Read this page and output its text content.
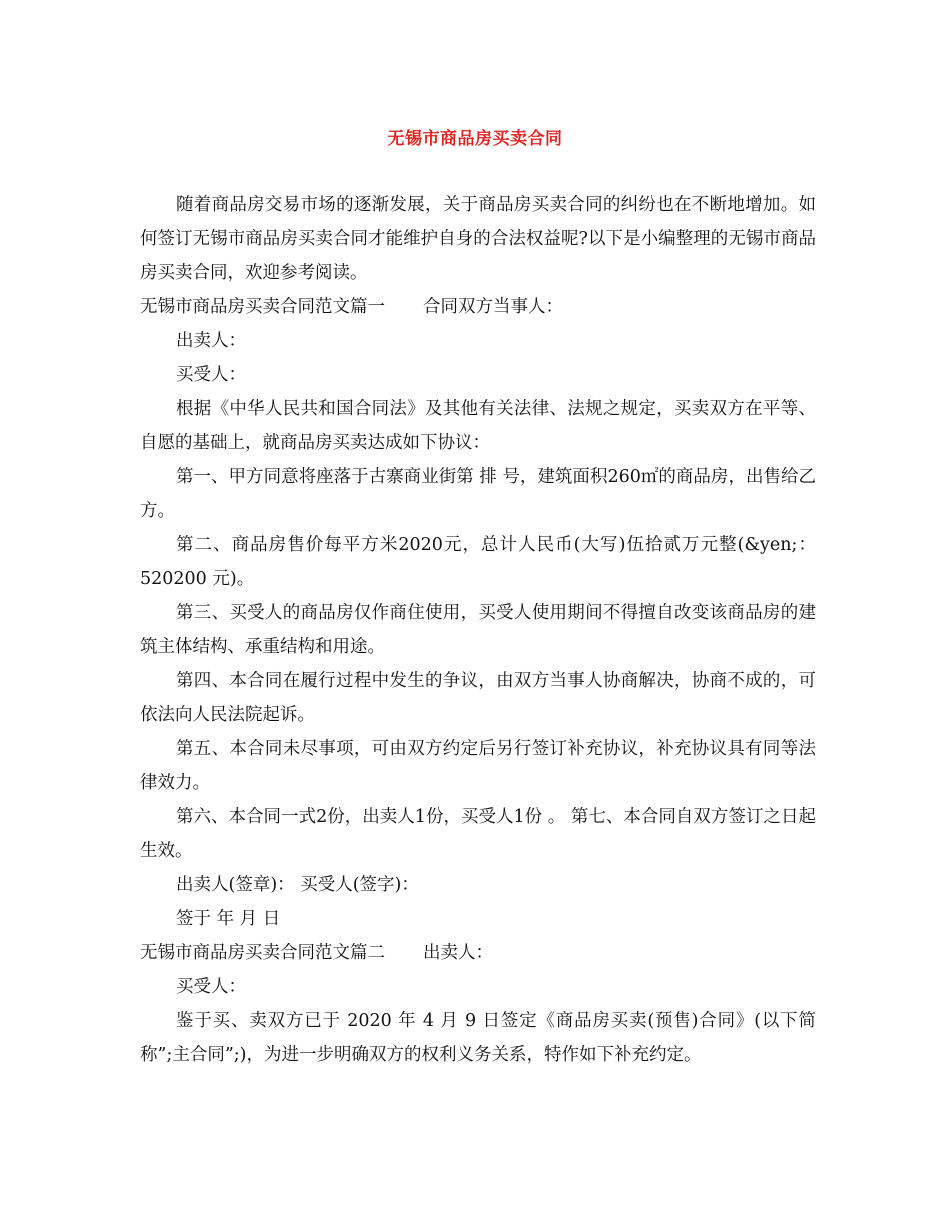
无锡市商品房买卖合同

随着商品房交易市场的逐渐发展，关于商品房买卖合同的纠纷也在不断地增加。如何签订无锡市商品房买卖合同才能维护自身的合法权益呢?以下是小编整理的无锡市商品房买卖合同，欢迎参考阅读。

无锡市商品房买卖合同范文篇一 合同双方当事人：

出卖人：

买受人：

根据《中华人民共和国合同法》及其他有关法律、法规之规定，买卖双方在平等、自愿的基础上，就商品房买卖达成如下协议：

第一、甲方同意将座落于古寨商业街第 排 号，建筑面积260㎡的商品房，出售给乙方。

第二、商品房售价每平方米2020元，总计人民币(大写)伍拾贰万元整(&yen;：520200 元)。

第三、买受人的商品房仅作商住使用，买受人使用期间不得擅自改变该商品房的建筑主体结构、承重结构和用途。

第四、本合同在履行过程中发生的争议，由双方当事人协商解决，协商不成的，可依法向人民法院起诉。

第五、本合同未尽事项，可由双方约定后另行签订补充协议，补充协议具有同等法律效力。

第六、本合同一式2份，出卖人1份，买受人1份 。 第七、本合同自双方签订之日起生效。

出卖人(签章)： 买受人(签字)：

签于 年 月 日

无锡市商品房买卖合同范文篇二 出卖人：

买受人：

鉴于买、卖双方已于 2020 年 4 月 9 日签定《商品房买卖(预售)合同》(以下简称”;主合同”;)，为进一步明确双方的权利义务关系，特作如下补充约定。
